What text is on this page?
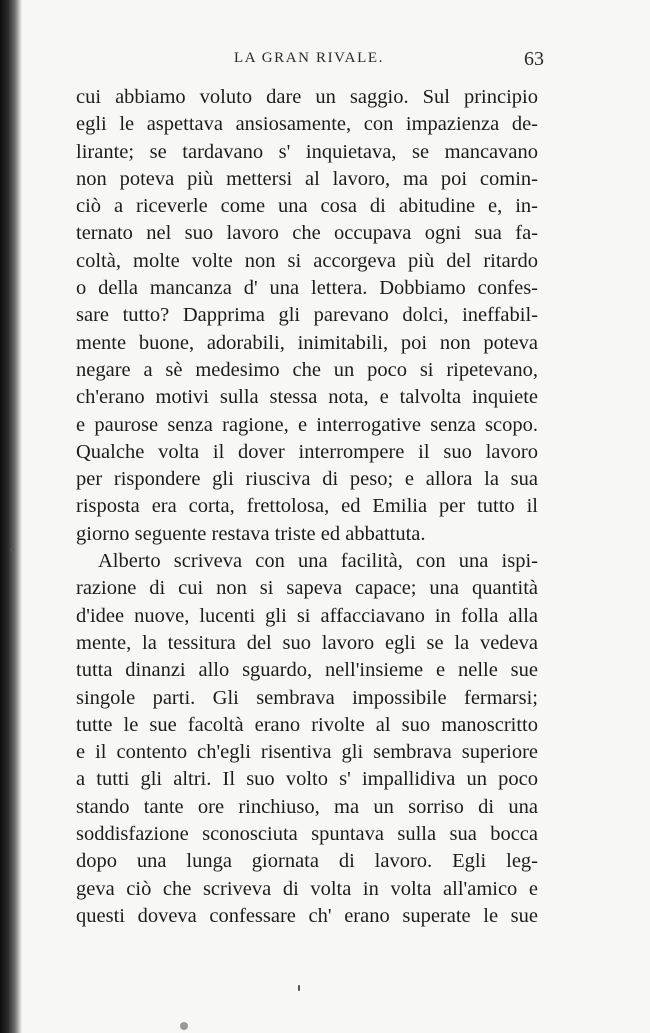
LA GRAN RIVALE.	63
cui abbiamo voluto dare un saggio. Sul principio
egli le aspettava ansiosamente, con impazienza de-
lirante; se tardavano s' inquietava, se mancavano
non poteva più mettersi al lavoro, ma poi comin-
ciò a riceverle come una cosa di abitudine e, in-
ternato nel suo lavoro che occupava ogni sua fa-
coltà, molte volte non si accorgeva più del ritardo
o della mancanza d' una lettera. Dobbiamo confes-
sare tutto? Dapprima gli parevano dolci, ineffabil-
mente buone, adorabili, inimitabili, poi non poteva
negare a sè medesimo che un poco si ripetevano,
ch'erano motivi sulla stessa nota, e talvolta inquiete
e paurose senza ragione, e interrogative senza scopo.
Qualche volta il dover interrompere il suo lavoro
per rispondere gli riusciva di peso; e allora la sua
risposta era corta, frettolosa, ed Emilia per tutto il
giorno seguente restava triste ed abbattuta.
Alberto scriveva con una facilità, con una ispi-
razione di cui non si sapeva capace; una quantità
d'idee nuove, lucenti gli si affacciavano in folla alla
mente, la tessitura del suo lavoro egli se la vedeva
tutta dinanzi allo sguardo, nell'insieme e nelle sue
singole parti. Gli sembrava impossibile fermarsi;
tutte le sue facoltà erano rivolte al suo manoscritto
e il contento ch'egli risentiva gli sembrava superiore
a tutti gli altri. Il suo volto s' impallidiva un poco
stando tante ore rinchiuso, ma un sorriso di una
soddisfazione sconosciuta spuntava sulla sua bocca
dopo una lunga giornata di lavoro. Egli leg-
geva ciò che scriveva di volta in volta all'amico e
questi doveva confessare ch' erano superate le sue
